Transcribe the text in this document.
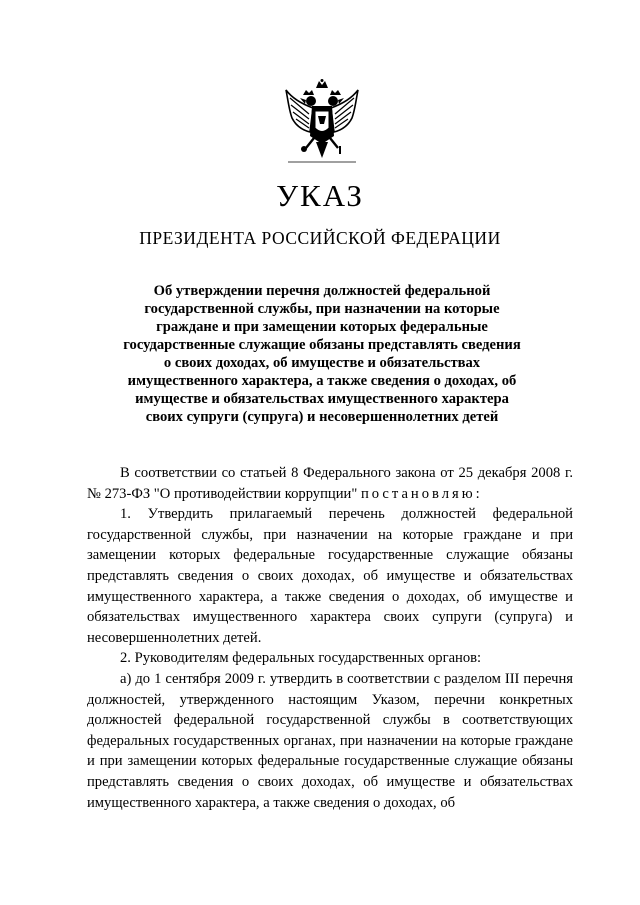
УКАЗ
ПРЕЗИДЕНТА РОССИЙСКОЙ ФЕДЕРАЦИИ

Об утверждении перечня должностей федеральной государственной службы, при назначении на которые граждане и при замещении которых федеральные государственные служащие обязаны представлять сведения о своих доходах, об имуществе и обязательствах имущественного характера, а также сведения о доходах, об имуществе и обязательствах имущественного характера своих супруги (супруга) и несовершеннолетних детей

В соответствии со статьей 8 Федерального закона от 25 декабря 2008 г. № 273-ФЗ "О противодействии коррупции" постановляю:

1. Утвердить прилагаемый перечень должностей федеральной государственной службы, при назначении на которые граждане и при замещении которых федеральные государственные служащие обязаны представлять сведения о своих доходах, об имуществе и обязательствах имущественного характера, а также сведения о доходах, об имуществе и обязательствах имущественного характера своих супруги (супруга) и несовершеннолетних детей.

2. Руководителям федеральных государственных органов:

а) до 1 сентября 2009 г. утвердить в соответствии с разделом III перечня должностей, утвержденного настоящим Указом, перечни конкретных должностей федеральной государственной службы в соответствующих федеральных государственных органах, при назначении на которые граждане и при замещении которых федеральные государственные служащие обязаны представлять сведения о своих доходах, об имуществе и обязательствах имущественного характера, а также сведения о доходах, об
